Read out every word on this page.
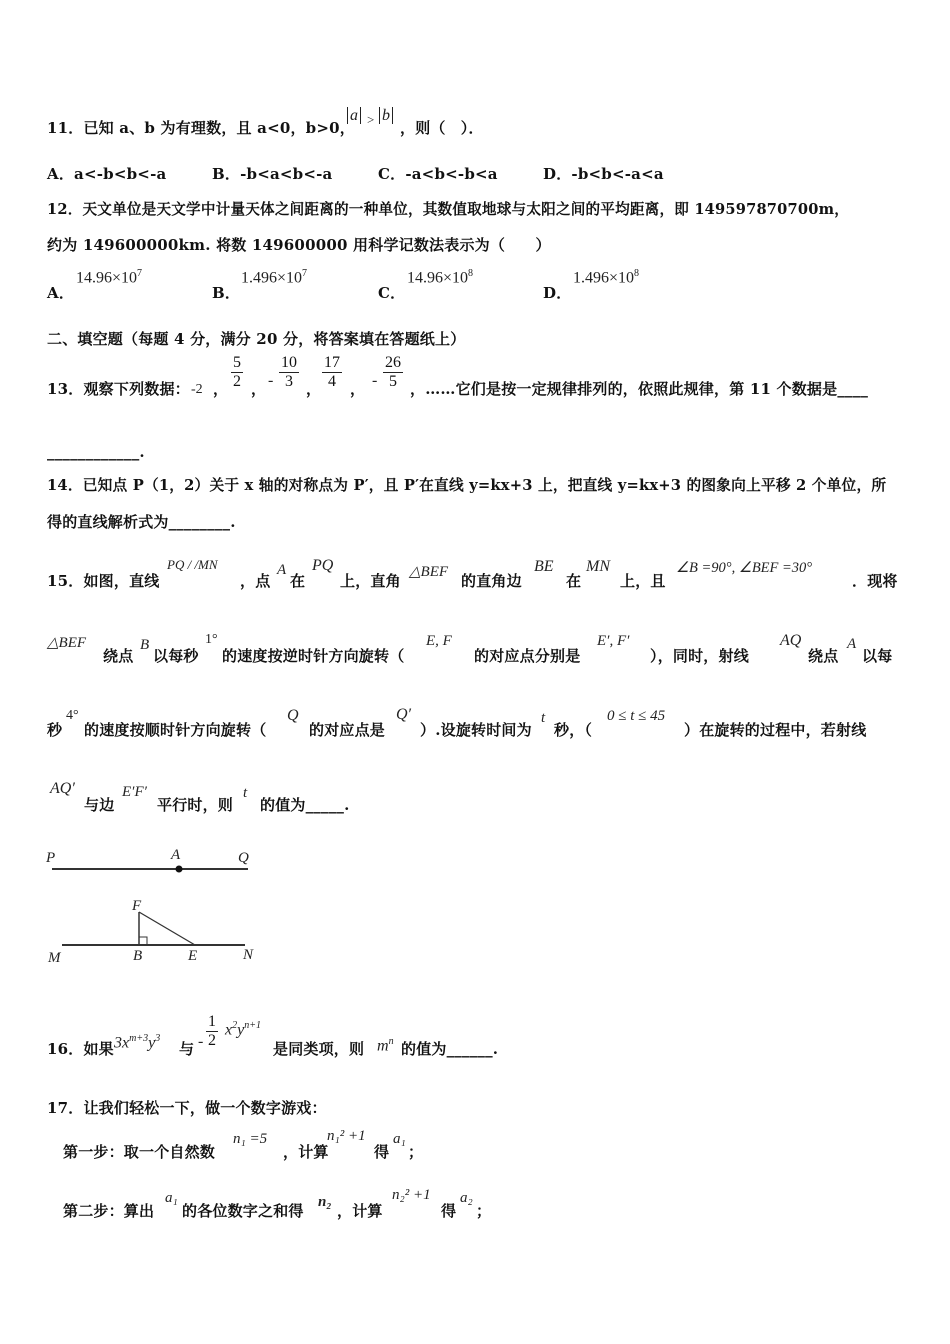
11．已知 a、b 为有理数，且 a<0，b>0，
a > b
，则（　）．
A．a<-b<b<-a	B．-b<a<b<-a	C．-a<b<-b<a	D．-b<b<-a<a
12．天文单位是天文学中计量天体之间距离的一种单位，其数值取地球与太阳之间的平均距离，即 149597870700m，
约为 149600000km. 将数 149600000 用科学记数法表示为（　　）
A．
$14.96\times 10^7$
B．
$1.496\times 10^7$
C．
$14.96\times 10^8$
D．
$1.496\times 10^8$
二、填空题（每题 4 分，满分 20 分，将答案填在答题纸上）
13．观察下列数据： -2 ，
5
2 ， -
10
3 ，
17
4 ， -
26
5 ，……它们是按一定规律排列的，依照此规律，第 11 个数据是____
____________.
14．已知点 P（1，2）关于 x 轴的对称点为 P′，且 P′在直线 y=kx+3 上，把直线 y=kx+3 的图象向上平移 2 个单位，所
得的直线解析式为________.
15．如图，直线
PQ / /MN
，点
A
在
PQ
上，直角 △BEF 的直角边
BE
在
MN
上，且
∠B =90°, ∠BEF =30°
．现将
△BEF
绕点
B
以每秒
1°
的速度按逆时针方向旋转（
E, F
的对应点分别是
E′, F′
），同时，射线
AQ
绕点
A
以每
秒
4°
的速度按顺时针方向旋转（
Q
的对应点是
Q′
）.设旋转时间为
t
秒，（
0 ≤ t ≤ 45
）在旋转的过程中，若射线
AQ′
与边
E′F′
平行时，则
t
的值为_____.
P	A	Q
F
M	B	E	N
16．如果 $3x^{m+3}y^3$
与 -
1
2
$x^2y^{n+1}$
是同类项，则 $m^n$ 的值为______.
17．让我们轻松一下，做一个数字游戏：
第一步：取一个自然数
n₁ =5
，计算
n₁² +1
得
a₁
；
第二步：算出
a₁
的各位数字之和得 n₂ ，计算
n₂² +1
得
a₂
；
